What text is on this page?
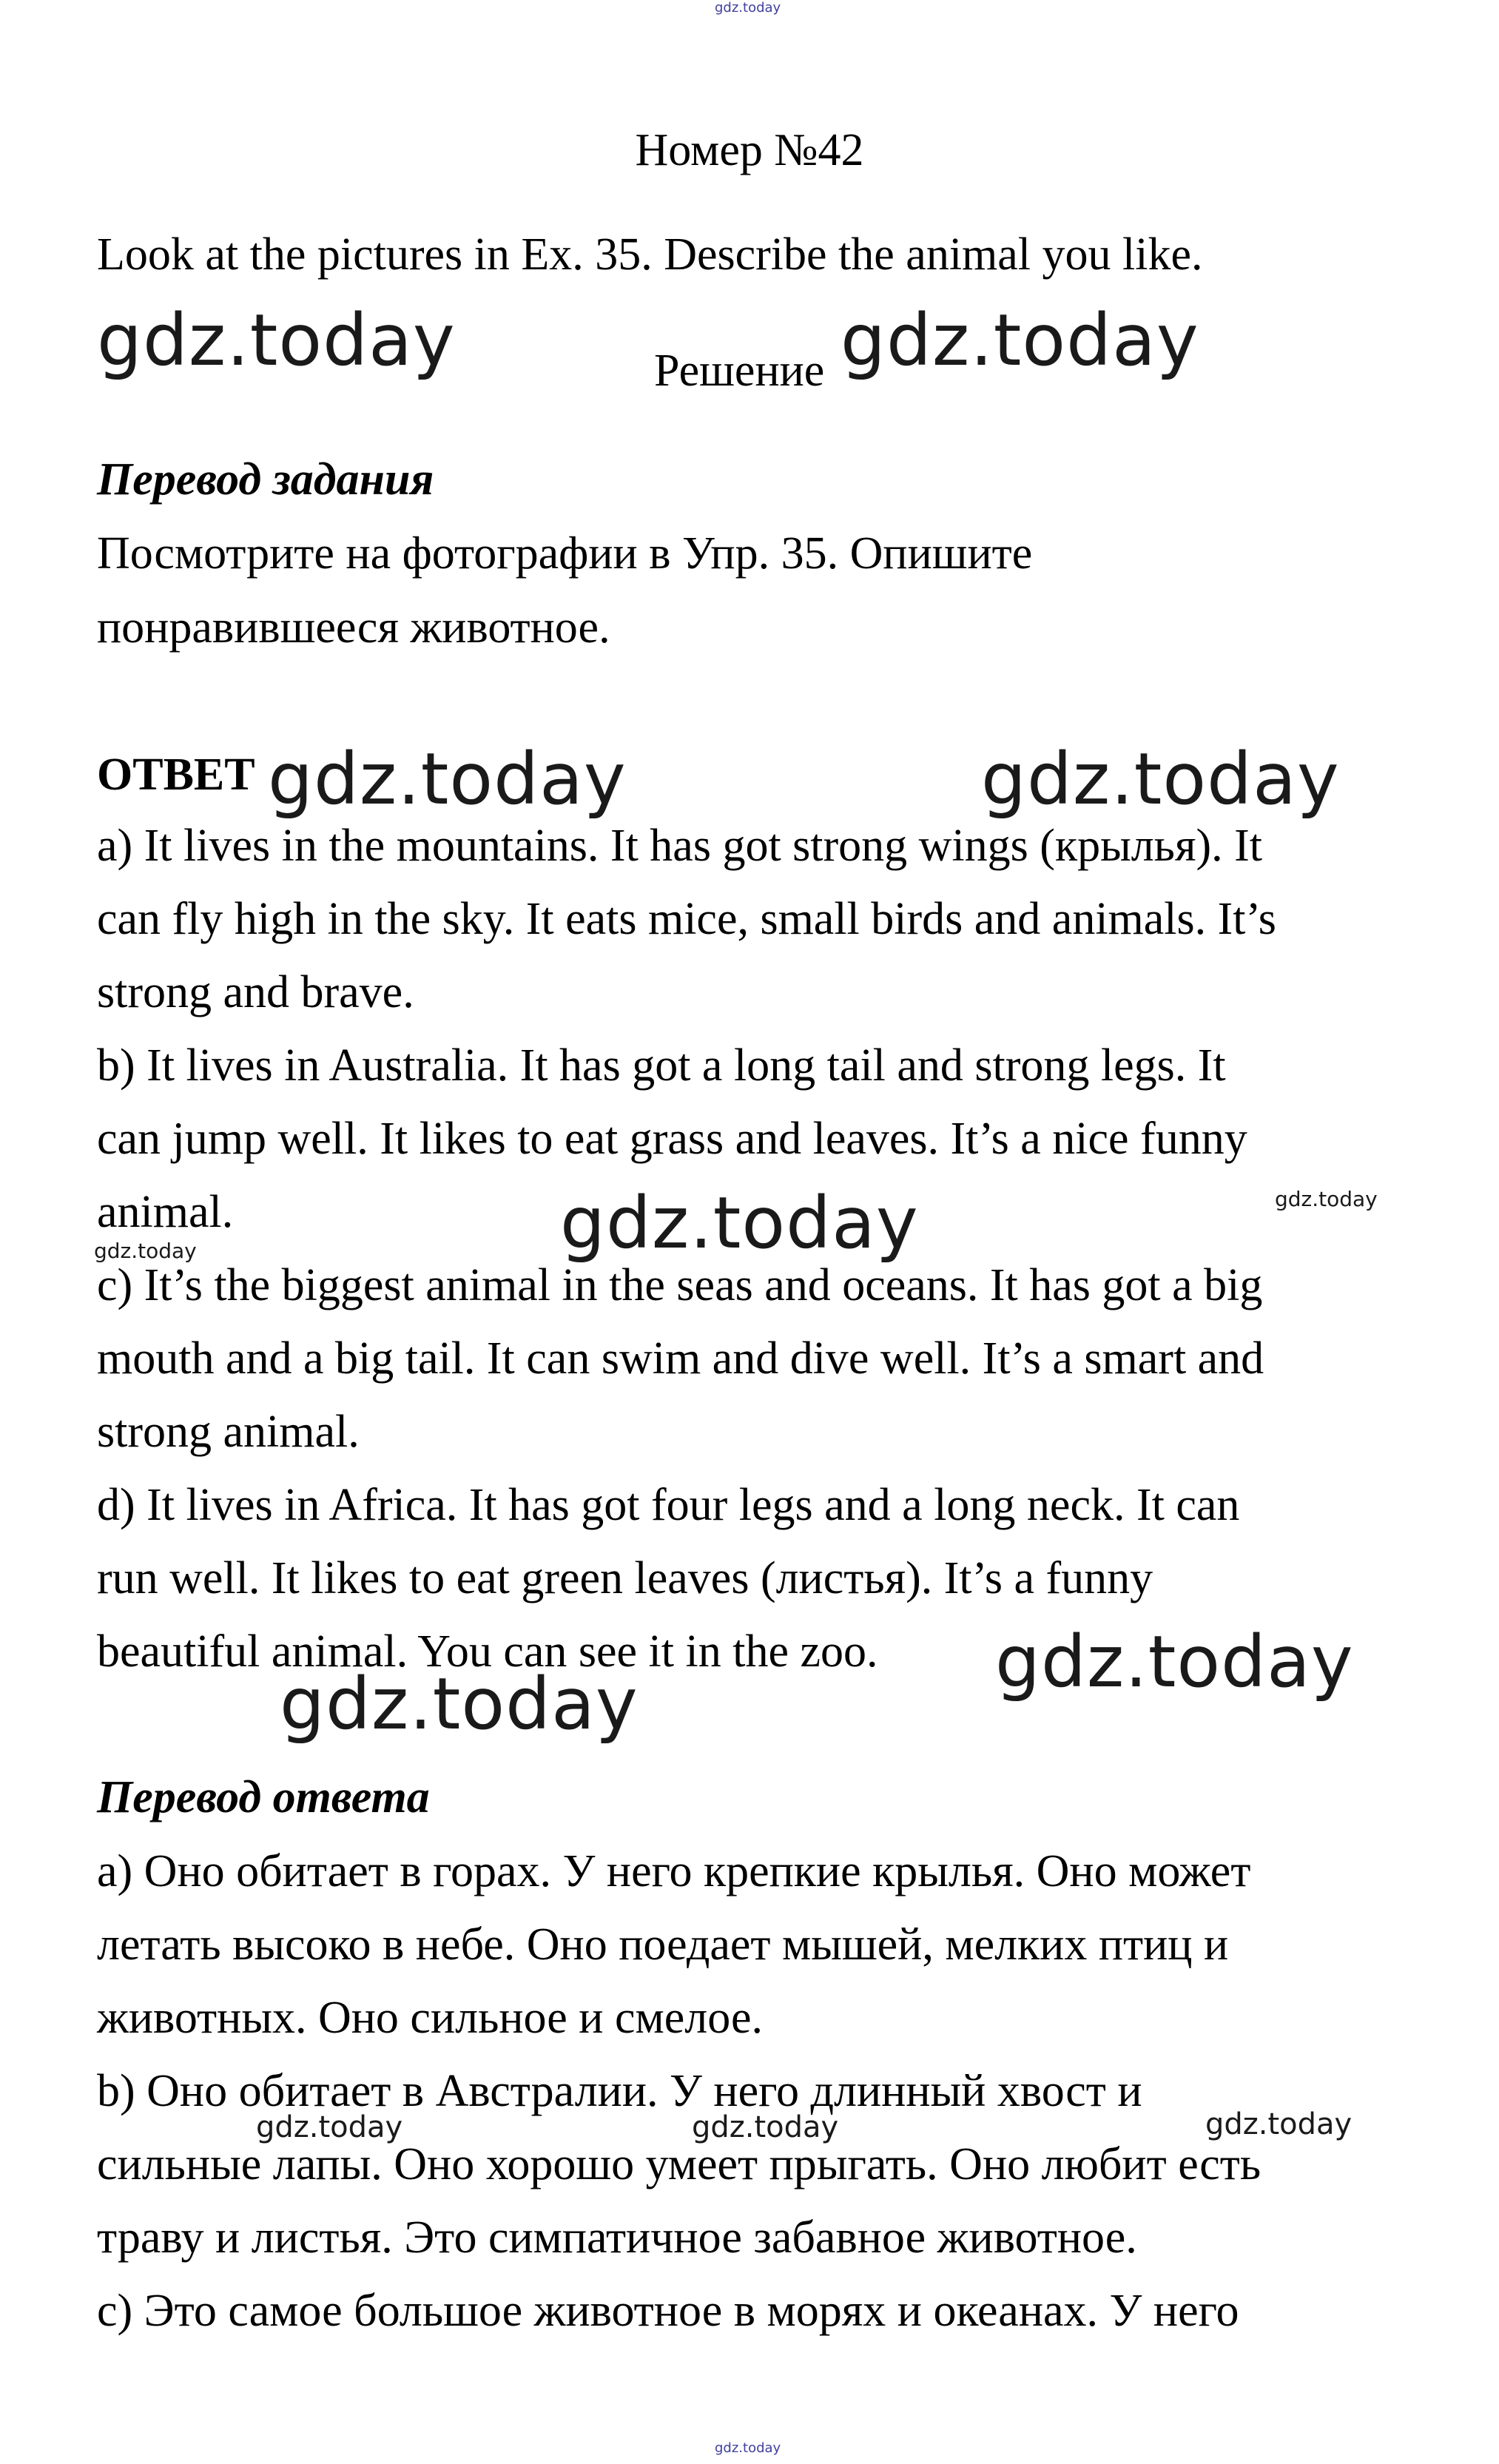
gdz.today
Номер №42
Look at the pictures in Ex. 35. Describe the animal you like.
gdz.today	Решение gdz.today
Перевод задания
Посмотрите на фотографии в Упр. 35. Опишите
понравившееся животное.
ОТВЕТ gdz.today	gdz.today
a) It lives in the mountains. It has got strong wings (крылья). It
can fly high in the sky. It eats mice, small birds and animals. It’s
strong and brave.
b) It lives in Australia. It has got a long tail and strong legs. It
can jump well. It likes to eat grass and leaves. It’s a nice funny
animal.	gdz.today
gdz.today
gdz.today
c) It’s the biggest animal in the seas and oceans. It has got a big
mouth and a big tail. It can swim and dive well. It’s a smart and
strong animal.
d) It lives in Africa. It has got four legs and a long neck. It can
run well. It likes to eat green leaves (листья). It’s a funny
beautiful animal. You can see it in the zoo. gdz.today
gdz.today
Перевод ответа
a) Оно обитает в горах. У него крепкие крылья. Оно может
летать высоко в небе. Оно поедает мышей, мелких птиц и
животных. Оно сильное и смелое.
b) Оно обитает в Австралии. У него длинный хвост и
gdz.today	gdz.today	gdz.today
сильные лапы. Оно хорошо умеет прыгать. Оно любит есть
траву и листья. Это симпатичное забавное животное.
c) Это самое большое животное в морях и океанах. У него
gdz.today
